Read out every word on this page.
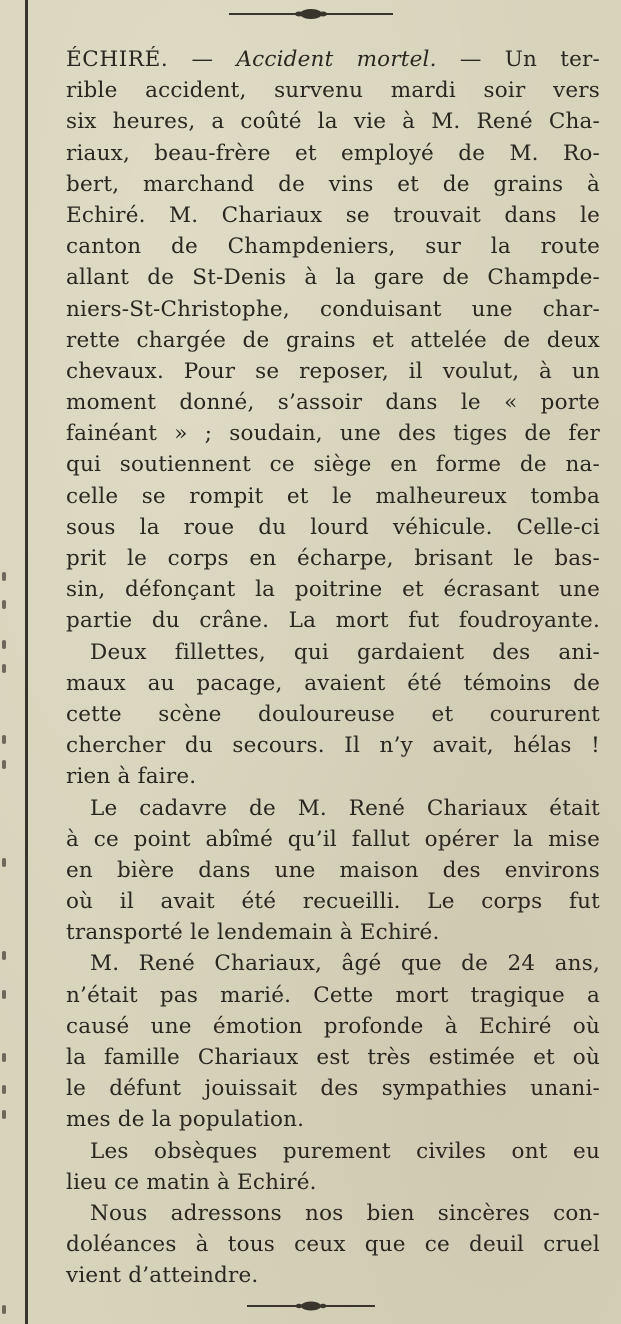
ÉCHIRÉ. — Accident mortel. — Un ter-
rible accident, survenu mardi soir vers
six heures, a coûté la vie à M. René Cha-
riaux, beau-frère et employé de M. Ro-
bert, marchand de vins et de grains à
Echiré. M. Chariaux se trouvait dans le
canton de Champdeniers, sur la route
allant de St-Denis à la gare de Champde-
niers-St-Christophe, conduisant une char-
rette chargée de grains et attelée de deux
chevaux. Pour se reposer, il voulut, à un
moment donné, s’assoir dans le « porte
fainéant » ; soudain, une des tiges de fer
qui soutiennent ce siège en forme de na-
celle se rompit et le malheureux tomba
sous la roue du lourd véhicule. Celle-ci
prit le corps en écharpe, brisant le bas-
sin, défonçant la poitrine et écrasant une
partie du crâne. La mort fut foudroyante.
Deux fillettes, qui gardaient des ani-
maux au pacage, avaient été témoins de
cette scène douloureuse et coururent
chercher du secours. Il n’y avait, hélas !
rien à faire.
Le cadavre de M. René Chariaux était
à ce point abîmé qu’il fallut opérer la mise
en bière dans une maison des environs
où il avait été recueilli. Le corps fut
transporté le lendemain à Echiré.
M. René Chariaux, âgé que de 24 ans,
n’était pas marié. Cette mort tragique a
causé une émotion profonde à Echiré où
la famille Chariaux est très estimée et où
le défunt jouissait des sympathies unani-
mes de la population.
Les obsèques purement civiles ont eu
lieu ce matin à Echiré.
Nous adressons nos bien sincères con-
doléances à tous ceux que ce deuil cruel
vient d’atteindre.
